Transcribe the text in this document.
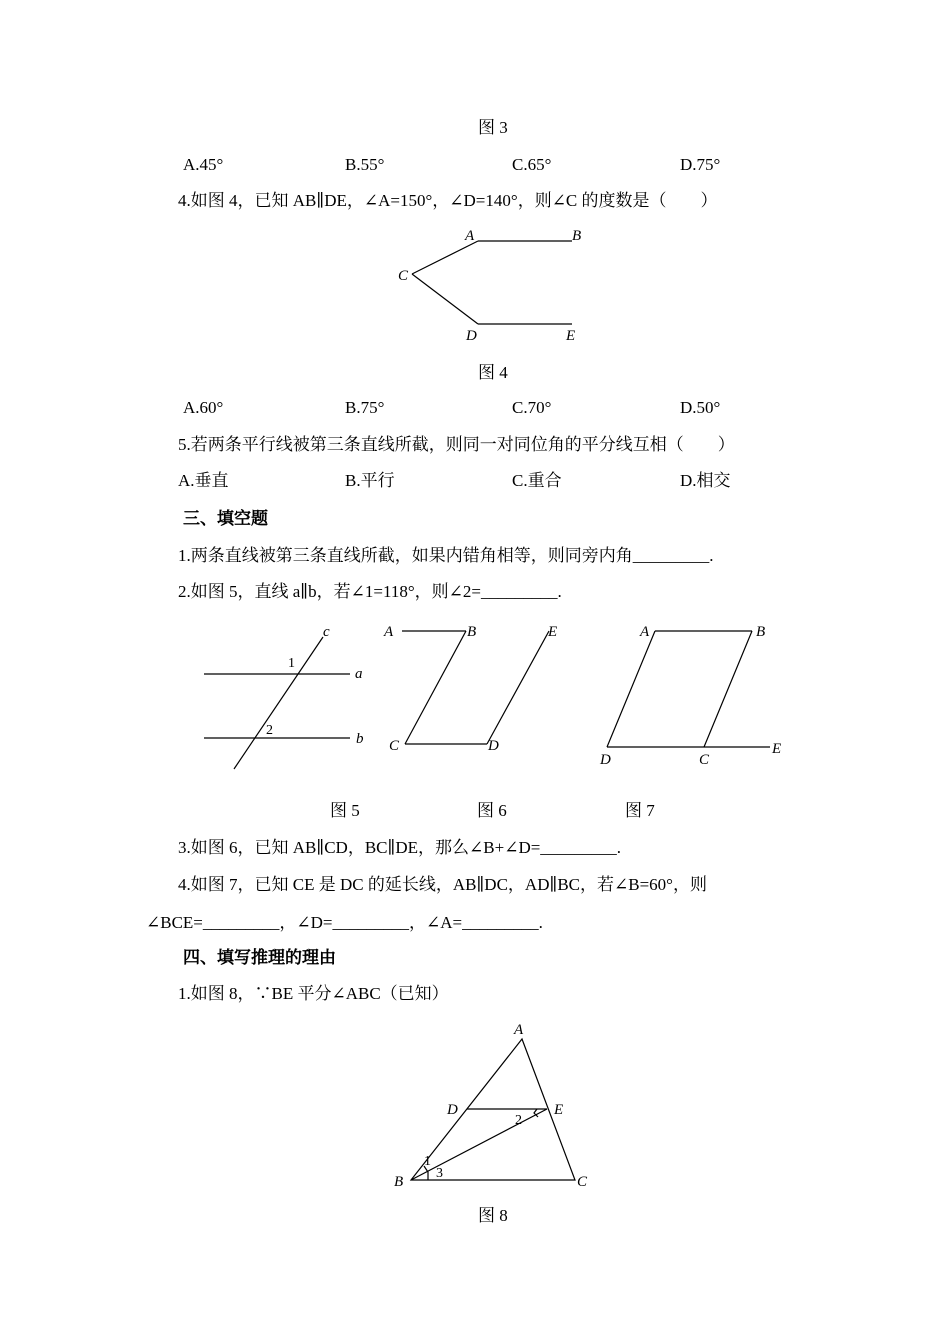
图 3
A.45°	B.55°	C.65°	D.75°
4.如图 4，已知 AB∥DE，∠A=150°，∠D=140°，则∠C 的度数是（　　）
A	B
C
D	E
图 4
A.60°	B.75°	C.70°	D.50°
5.若两条平行线被第三条直线所截，则同一对同位角的平分线互相（　　）
A.垂直	B.平行	C.重合	D.相交
三、填空题
1.两条直线被第三条直线所截，如果内错角相等，则同旁内角_________.
2.如图 5，直线 a∥b，若∠1=118°，则∠2=_________.
c
a
b
1
2
A	B	E
C	D
A	B
D	C
E
图 5	图 6	图 7
3.如图 6，已知 AB∥CD，BC∥DE，那么∠B+∠D=_________.
4.如图 7，已知 CE 是 DC 的延长线，AB∥DC，AD∥BC，若∠B=60°，则
∠BCE=_________，∠D=_________，∠A=_________.
四、填写推理的理由
1.如图 8，∵BE 平分∠ABC（已知）
A
D	E
B	C
1
2
3
图 8
